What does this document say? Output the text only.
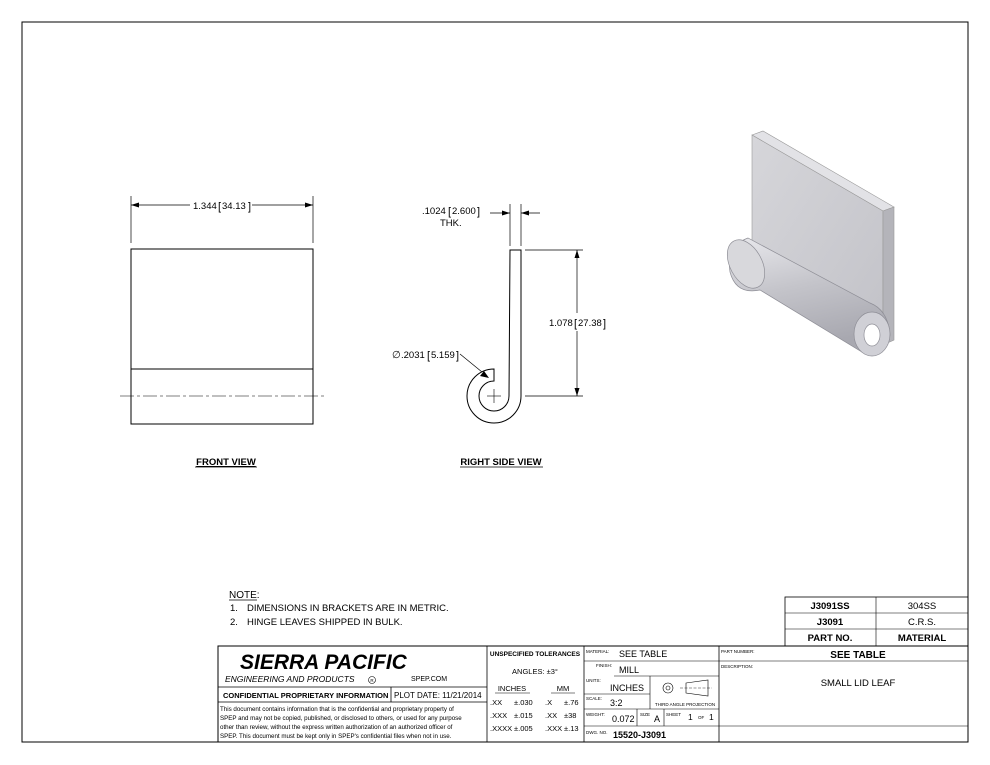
1.344 [ 34.13 ]
FRONT VIEW
.1024 [ 2.600 ]
THK.
1.078 [ 27.38 ]
∅ .2031 [ 5.159 ]
RIGHT SIDE VIEW
NOTE:
1. DIMENSIONS IN BRACKETS ARE IN METRIC.
2. HINGE LEAVES SHIPPED IN BULK.
J3091SS	304SS
J3091	C.R.S.
PART NO.	MATERIAL
SIERRA PACIFIC
ENGINEERING AND PRODUCTS	R	SPEP.COM
CONFIDENTIAL PROPRIETARY INFORMATION PLOT DATE: 11/21/2014
This document contains information that is the confidential and proprietary property of
SPEP and may not be copied, published, or disclosed to others, or used for any purpose
other than review, without the express written authorization of an authorized officer of
SPEP. This document must be kept only in SPEP's confidential files when not in use.
UNSPECIFIED TOLERANCES
ANGLES: ±3°
INCHES	MM
.XX ±.030 .X ±.76
.XXX ±.015 .XX ±38
.XXXX ±.005 .XXX ±.13
MATERIAL: SEE TABLE
FINISH: MILL
UNITS:
INCHES
SCALE: 3:2	THIRD ANGLE PROJECTION
WEIGHT: 0.072 SIZE A SHEET 1 OF 1
DWG. NO. 15520-J3091
PART NUMBER:	SEE TABLE
DESCRIPTION:
SMALL LID LEAF
